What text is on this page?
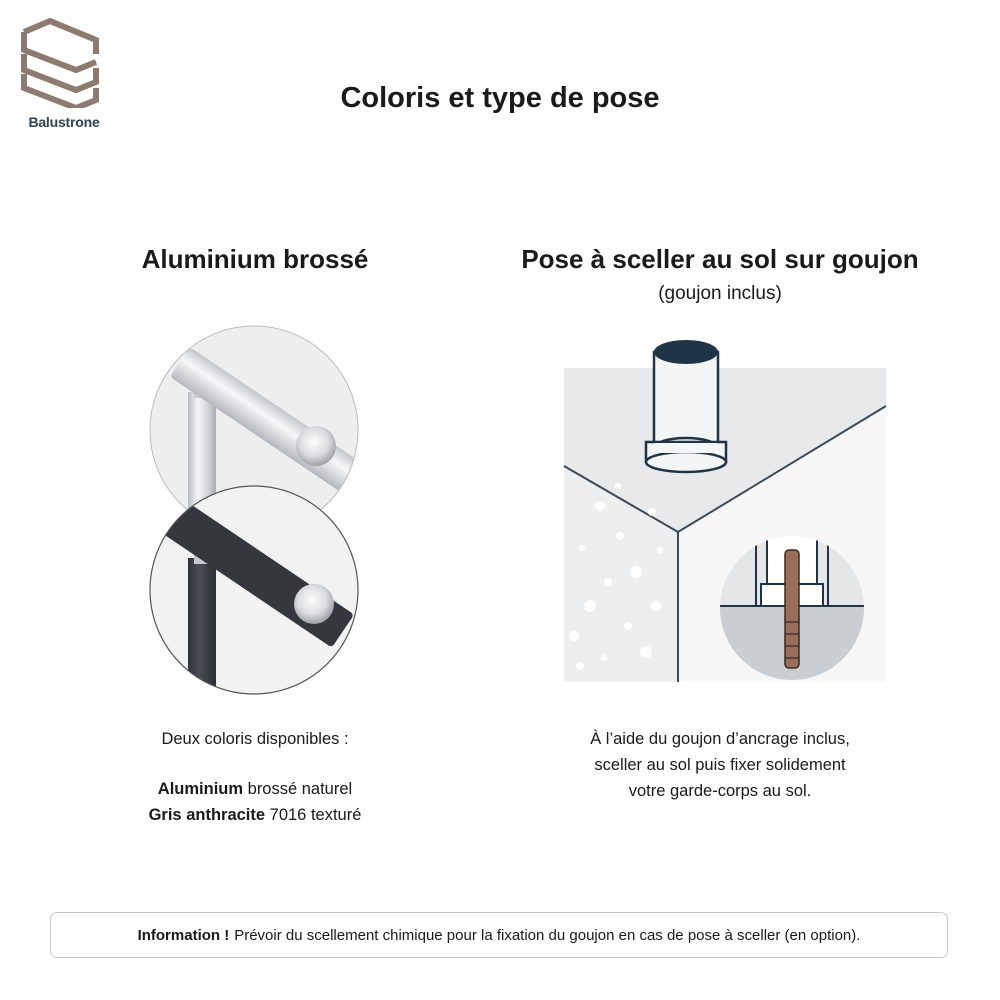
Balustrone
Coloris et type de pose
Aluminium brossé
Deux coloris disponibles :
Aluminium brossé naturel
Gris anthracite 7016 texturé
Pose à sceller au sol sur goujon
(goujon inclus)
À l’aide du goujon d’ancrage inclus,
sceller au sol puis fixer solidement
votre garde-corps au sol.
Information ! Prévoir du scellement chimique pour la fixation du goujon en cas de pose à sceller (en option).
